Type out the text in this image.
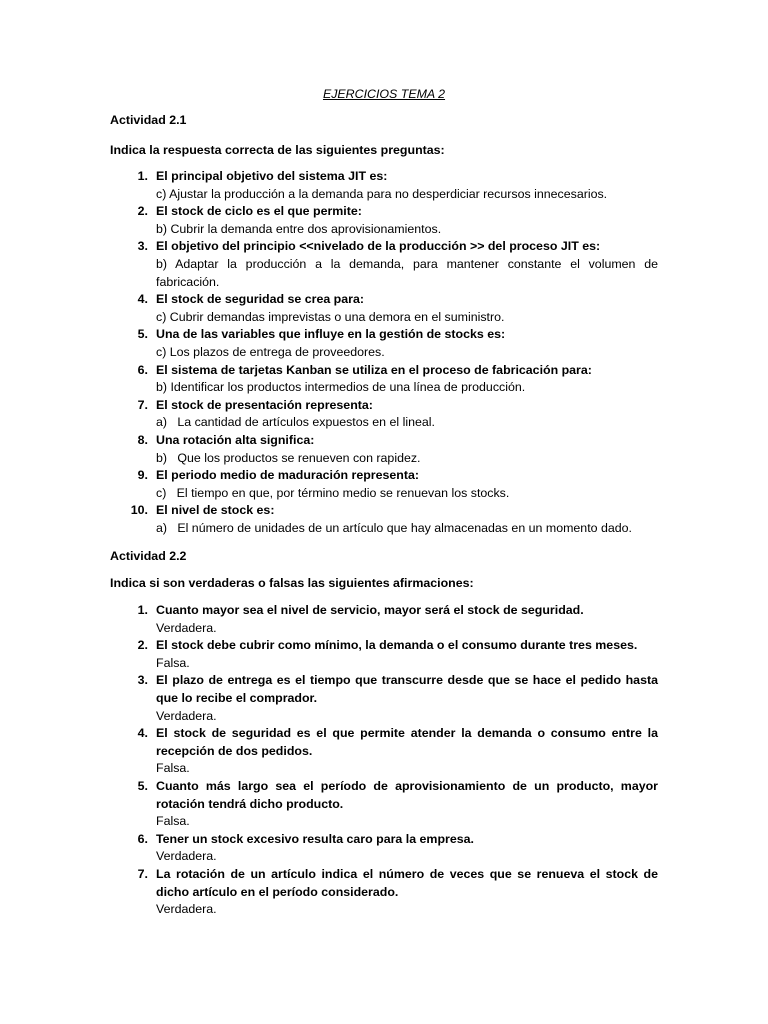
EJERCICIOS TEMA 2
Actividad 2.1
Indica la respuesta correcta de las siguientes preguntas:
1. El principal objetivo del sistema JIT es:
c) Ajustar la producción a la demanda para no desperdiciar recursos innecesarios.
2. El stock de ciclo es el que permite:
b) Cubrir la demanda entre dos aprovisionamientos.
3. El objetivo del principio <<nivelado de la producción >> del proceso JIT es:
b) Adaptar la producción a la demanda, para mantener constante el volumen de fabricación.
4. El stock de seguridad se crea para:
c) Cubrir demandas imprevistas o una demora en el suministro.
5. Una de las variables que influye en la gestión de stocks es:
c) Los plazos de entrega de proveedores.
6. El sistema de tarjetas Kanban se utiliza en el proceso de fabricación para:
b) Identificar los productos intermedios de una línea de producción.
7. El stock de presentación representa:
a)   La cantidad de artículos expuestos en el lineal.
8. Una rotación alta significa:
b)   Que los productos se renueven con rapidez.
9. El periodo medio de maduración representa:
c)   El tiempo en que, por término medio se renuevan los stocks.
10. El nivel de stock es:
a)   El número de unidades de un artículo que hay almacenadas en un momento dado.
Actividad 2.2
Indica si son verdaderas o falsas las siguientes afirmaciones:
1. Cuanto mayor sea el nivel de servicio, mayor será el stock de seguridad.
Verdadera.
2. El stock debe cubrir como mínimo, la demanda o el consumo durante tres meses.
Falsa.
3. El plazo de entrega es el tiempo que transcurre desde que se hace el pedido hasta que lo recibe el comprador.
Verdadera.
4. El stock de seguridad es el que permite atender la demanda o consumo entre la recepción de dos pedidos.
Falsa.
5. Cuanto más largo sea el período de aprovisionamiento de un producto, mayor rotación tendrá dicho producto.
Falsa.
6. Tener un stock excesivo resulta caro para la empresa.
Verdadera.
7. La rotación de un artículo indica el número de veces que se renueva el stock de dicho artículo en el período considerado.
Verdadera.
